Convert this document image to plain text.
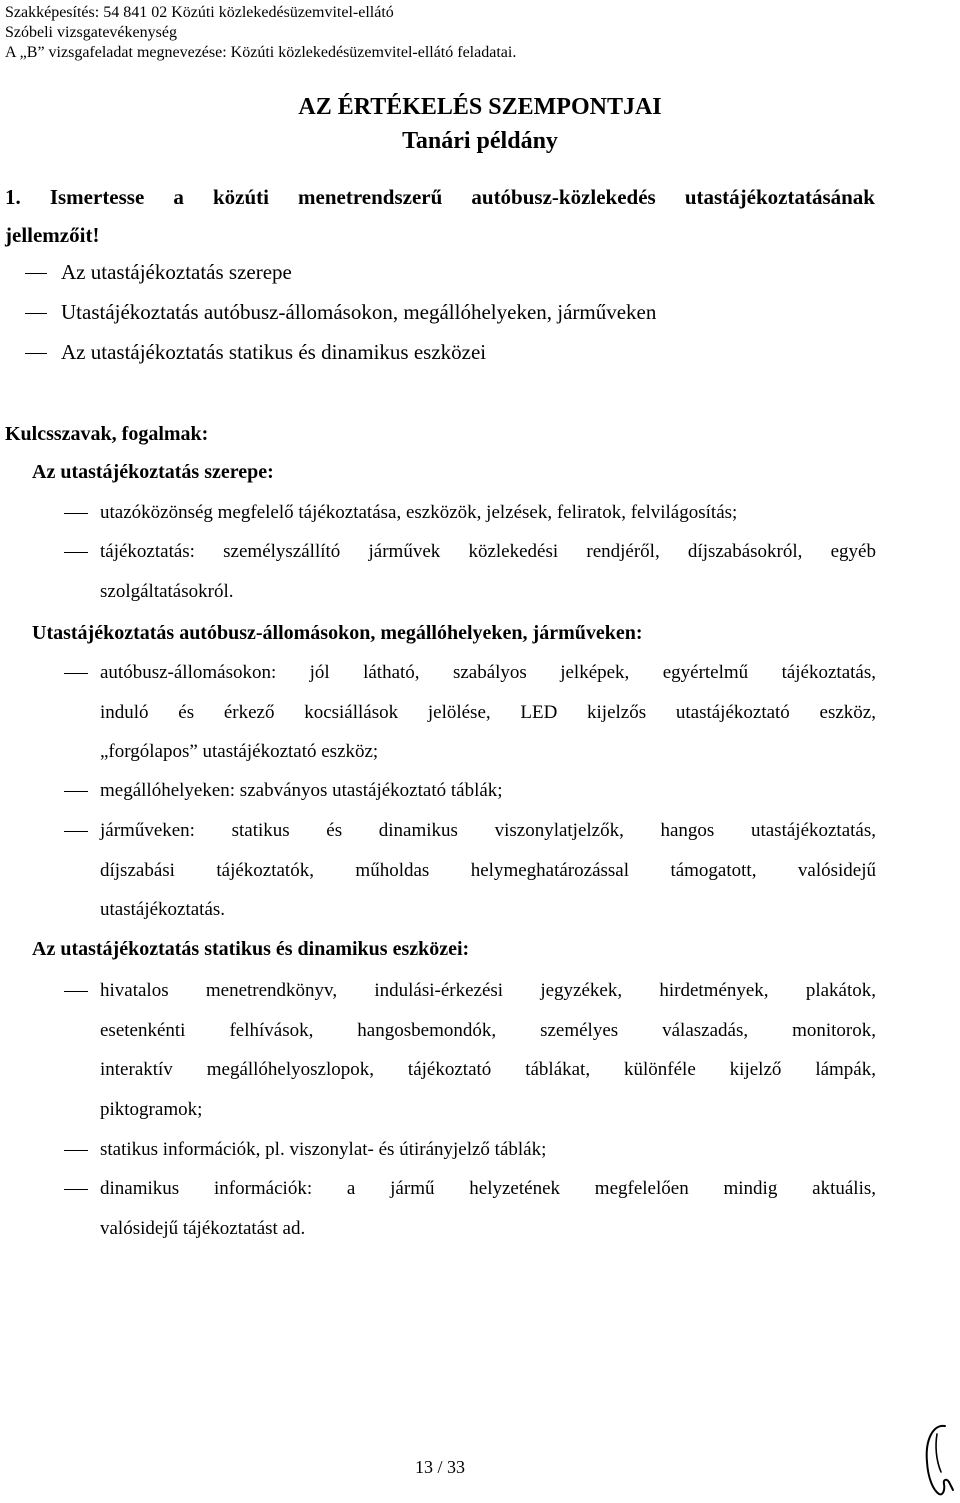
Szakképesítés: 54 841 02 Közúti közlekedésüzemvitel-ellátó
Szóbeli vizsgatevékenység
A „B” vizsgafeladat megnevezése: Közúti közlekedésüzemvitel-ellátó feladatai.
AZ ÉRTÉKELÉS SZEMPONTJAI
Tanári példány
1. Ismertesse a közúti menetrendszerű autóbusz-közlekedés utastájékoztatásának
jellemzőit!
Az utastájékoztatás szerepe
Utastájékoztatás autóbusz-állomásokon, megállóhelyeken, járműveken
Az utastájékoztatás statikus és dinamikus eszközei
Kulcsszavak, fogalmak:
Az utastájékoztatás szerepe:
utazóközönség megfelelő tájékoztatása, eszközök, jelzések, feliratok, felvilágosítás;
tájékoztatás: személyszállító járművek közlekedési rendjéről, díjszabásokról, egyéb
szolgáltatásokról.
Utastájékoztatás autóbusz-állomásokon, megállóhelyeken, járműveken:
autóbusz-állomásokon: jól látható, szabályos jelképek, egyértelmű tájékoztatás,
induló és érkező kocsiállások jelölése, LED kijelzős utastájékoztató eszköz,
„forgólapos” utastájékoztató eszköz;
megállóhelyeken: szabványos utastájékoztató táblák;
járműveken: statikus és dinamikus viszonylatjelzők, hangos utastájékoztatás,
díjszabási tájékoztatók, műholdas helymeghatározással támogatott, valósidejű
utastájékoztatás.
Az utastájékoztatás statikus és dinamikus eszközei:
hivatalos menetrendkönyv, indulási-érkezési jegyzékek, hirdetmények, plakátok,
esetenkénti felhívások, hangosbemondók, személyes válaszadás, monitorok,
interaktív megállóhelyoszlopok, tájékoztató táblákat, különféle kijelző lámpák,
piktogramok;
statikus információk, pl. viszonylat- és útirányjelző táblák;
dinamikus információk: a jármű helyzetének megfelelően mindig aktuális,
valósidejű tájékoztatást ad.
13 / 33
